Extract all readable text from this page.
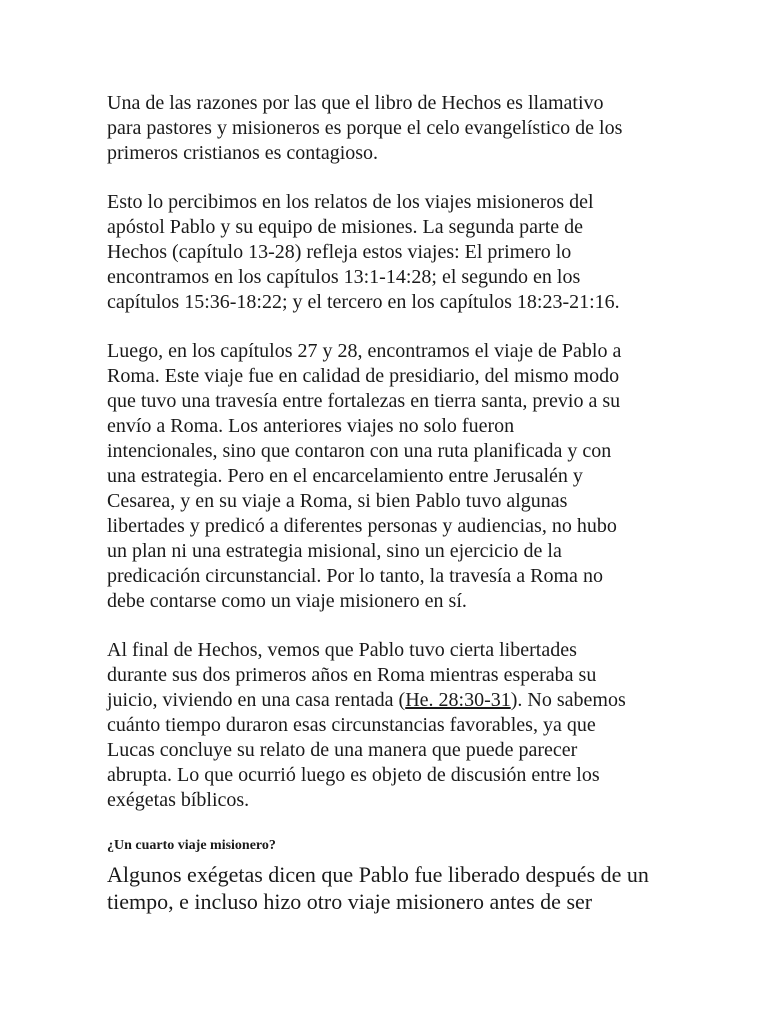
Una de las razones por las que el libro de Hechos es llamativo
para pastores y misioneros es porque el celo evangelístico de los
primeros cristianos es contagioso.

Esto lo percibimos en los relatos de los viajes misioneros del
apóstol Pablo y su equipo de misiones. La segunda parte de
Hechos (capítulo 13-28) refleja estos viajes: El primero lo
encontramos en los capítulos 13:1-14:28; el segundo en los
capítulos 15:36-18:22; y el tercero en los capítulos 18:23-21:16.

Luego, en los capítulos 27 y 28, encontramos el viaje de Pablo a
Roma. Este viaje fue en calidad de presidiario, del mismo modo
que tuvo una travesía entre fortalezas en tierra santa, previo a su
envío a Roma. Los anteriores viajes no solo fueron
intencionales, sino que contaron con una ruta planificada y con
una estrategia. Pero en el encarcelamiento entre Jerusalén y
Cesarea, y en su viaje a Roma, si bien Pablo tuvo algunas
libertades y predicó a diferentes personas y audiencias, no hubo
un plan ni una estrategia misional, sino un ejercicio de la
predicación circunstancial. Por lo tanto, la travesía a Roma no
debe contarse como un viaje misionero en sí.

Al final de Hechos, vemos que Pablo tuvo cierta libertades
durante sus dos primeros años en Roma mientras esperaba su
juicio, viviendo en una casa rentada (He. 28:30-31). No sabemos
cuánto tiempo duraron esas circunstancias favorables, ya que
Lucas concluye su relato de una manera que puede parecer
abrupta. Lo que ocurrió luego es objeto de discusión entre los
exégetas bíblicos.

¿Un cuarto viaje misionero?

Algunos exégetas dicen que Pablo fue liberado después de un
tiempo, e incluso hizo otro viaje misionero antes de ser
